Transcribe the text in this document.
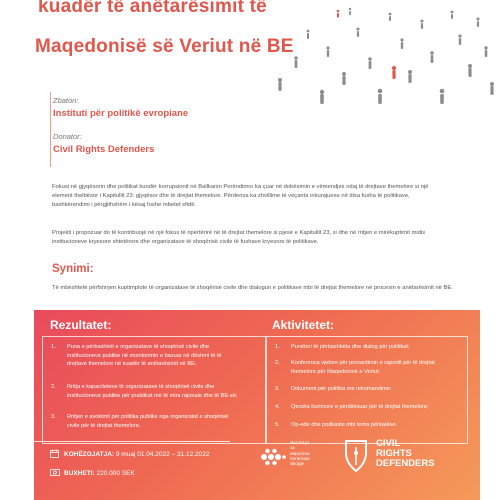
kuadër të anëtarësimit të
Maqedonisë së Veriut në BE
Zbaton:
Instituti për politikë evropiane
Donator:
Civil Rights Defenders
Fokusi në gjyqësorin dhe politikat kundër korrupsionit në Ballkanin Perëndimor ka çuar në dobësimin e vëmendjes ndaj të drejtave themelore si një
element thelbësor i Kapitullit 23: gjyqësor dhe të drejtat themelore. Përderisa ka zhvillime të veçanta inkurajuese në disa fusha të politikave,
bashkërendimi i përgjithshëm i kësaj fushe mbetet sfidë.
Projekti i propozuar do të kontribuojë në një fokus të ripërtërirë në të drejtat themelore si pjesë e Kapitullit 23, si dhe në rritjen e mirëkuptimit midis
institucioneve kryesore shtetërore dhe organizatave të shoqërisë civile të fushave kryesore të politikave.
Synimi:
Të mbështetë përfshirjen kuptimplote të organizatave të shoqërisë civile dhe dialogun e politikave mbi të drejtat themelore në procesin e anëtarësimit në BE.
Rezultatet:
1. Puna e përbashkët e organizatave të shoqërisë civile dhe
institucioneve publike në monitorimin e bazuar në dëshmi të të
drejtave themelore në kuadër të anëtarësimit në BE;
2. Rritja e kapaciteteve të organizatave të shoqërisë civile dhe
institucioneve publike për praktikat më të mira rajonale dhe të BE-së;
3. Rritjen e avokimit për politika publike nga organizatat e shoqërisë
civile për të drejtat themelore.
Aktivitetet:
1. Punëtori të përbashkëta dhe dialog për politikat;
2. Konferenca vjetore për prezantimin e raportit për të drejtat
themelore për Maqedoninë e Veriut;
3. Dokument për politika me rekomandime;
4. Qendra burimore e përditësuar për të drejtat themelore;
5. Op-ede dhe podkaste mbi tema përkatëse.
KOHËZGJATJA: 9 muaj 01.04.2022 – 31.12.2022
BUXHETI: 220.000 SEK
Институт
за
европска
политика
Skopje
CIVIL
RIGHTS
DEFENDERS
